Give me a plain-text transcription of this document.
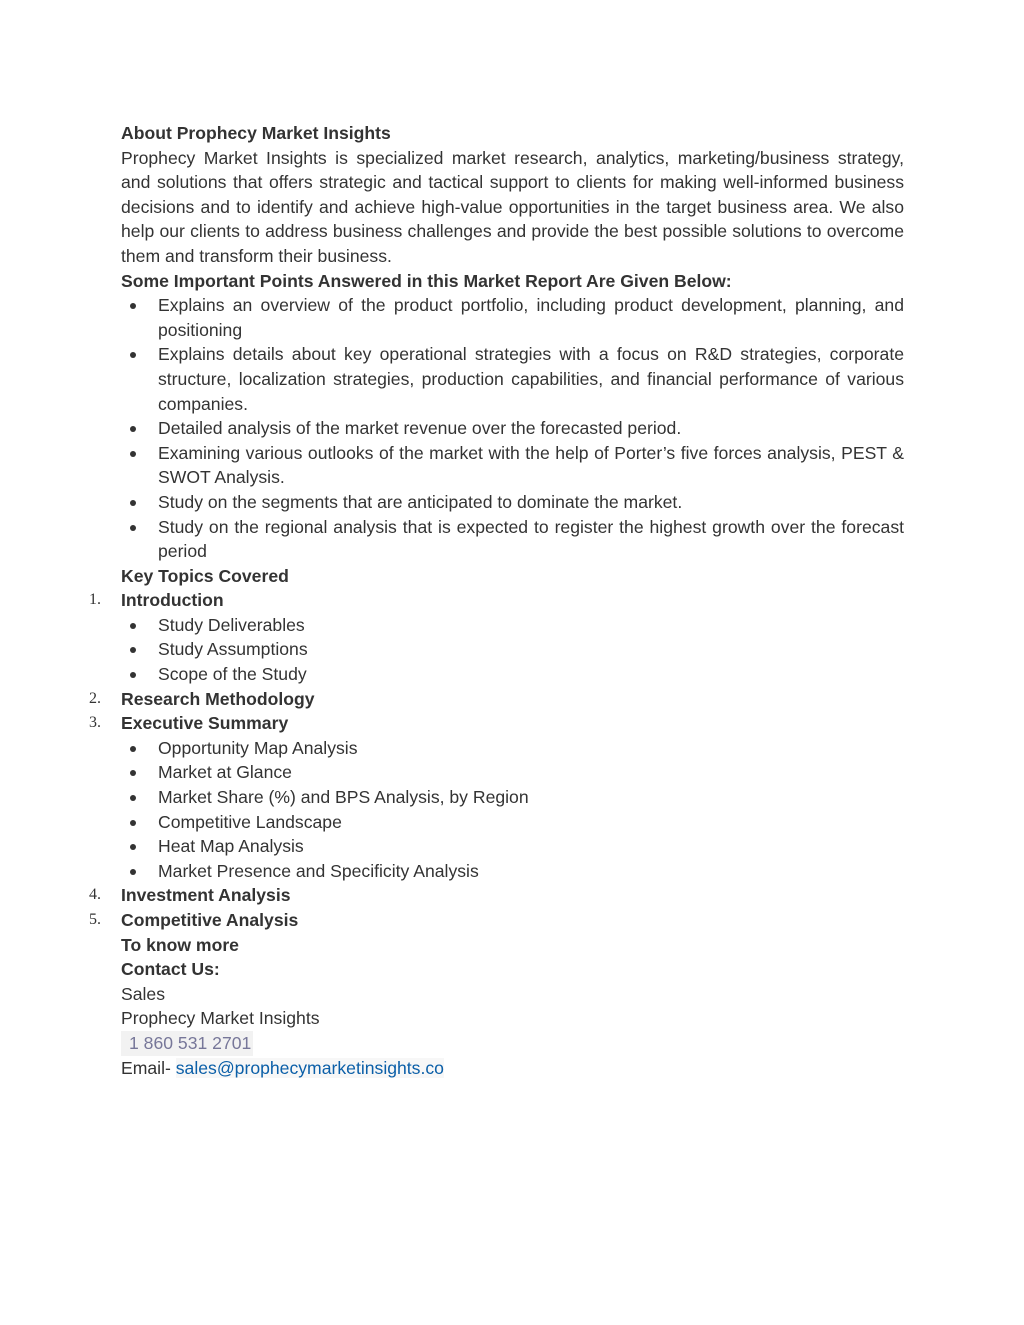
About Prophecy Market Insights
Prophecy Market Insights is specialized market research, analytics, marketing/business strategy, and solutions that offers strategic and tactical support to clients for making well-informed business decisions and to identify and achieve high-value opportunities in the target business area. We also help our clients to address business challenges and provide the best possible solutions to overcome them and transform their business.
Some Important Points Answered in this Market Report Are Given Below:
Explains an overview of the product portfolio, including product development, planning, and positioning
Explains details about key operational strategies with a focus on R&D strategies, corporate structure, localization strategies, production capabilities, and financial performance of various companies.
Detailed analysis of the market revenue over the forecasted period.
Examining various outlooks of the market with the help of Porter’s five forces analysis, PEST & SWOT Analysis.
Study on the segments that are anticipated to dominate the market.
Study on the regional analysis that is expected to register the highest growth over the forecast period
Key Topics Covered
1. Introduction
Study Deliverables
Study Assumptions
Scope of the Study
2. Research Methodology
3. Executive Summary
Opportunity Map Analysis
Market at Glance
Market Share (%) and BPS Analysis, by Region
Competitive Landscape
Heat Map Analysis
Market Presence and Specificity Analysis
4. Investment Analysis
5. Competitive Analysis
To know more
Contact Us:
Sales
Prophecy Market Insights
1 860 531 2701
Email- sales@prophecymarketinsights.co
